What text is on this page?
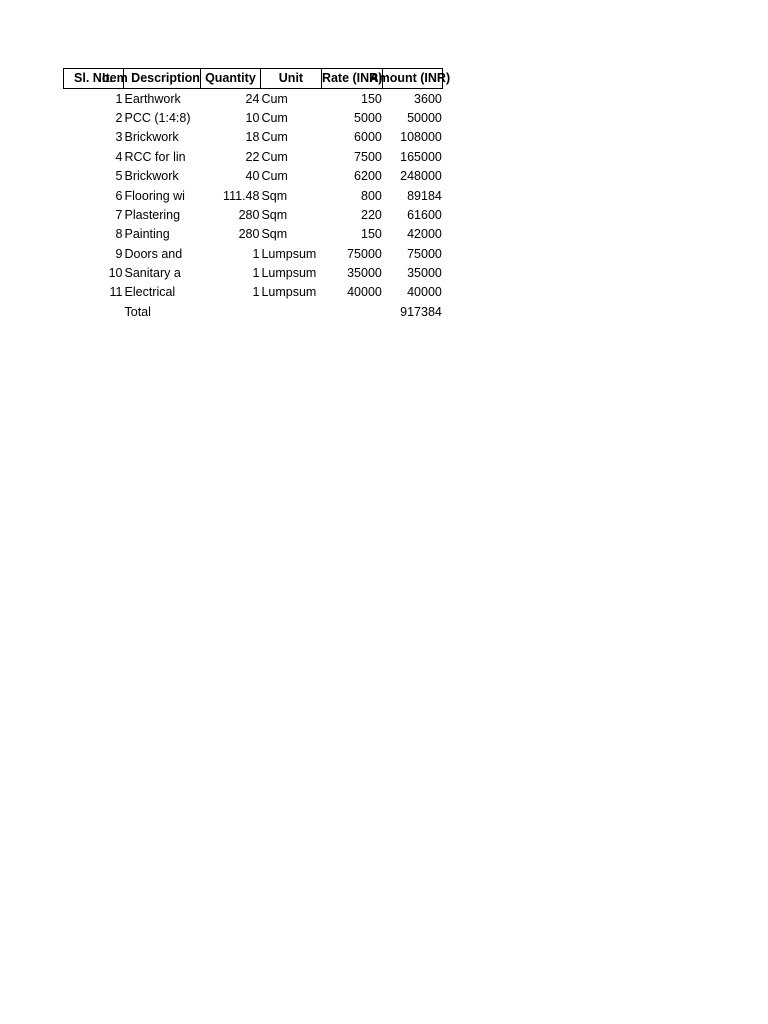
Sl. No.	Item Description	Quantity	Unit	Rate (INR)	Amount (INR)
1	Earthwork	24	Cum	150	3600
2	PCC (1:4:8)	10	Cum	5000	50000
3	Brickwork	18	Cum	6000	108000
4	RCC for lin	22	Cum	7500	165000
5	Brickwork	40	Cum	6200	248000
6	Flooring wi	111.48	Sqm	800	89184
7	Plastering	280	Sqm	220	61600
8	Painting	280	Sqm	150	42000
9	Doors and	1	Lumpsum	75000	75000
10	Sanitary a	1	Lumpsum	35000	35000
11	Electrical	1	Lumpsum	40000	40000
	Total				917384
